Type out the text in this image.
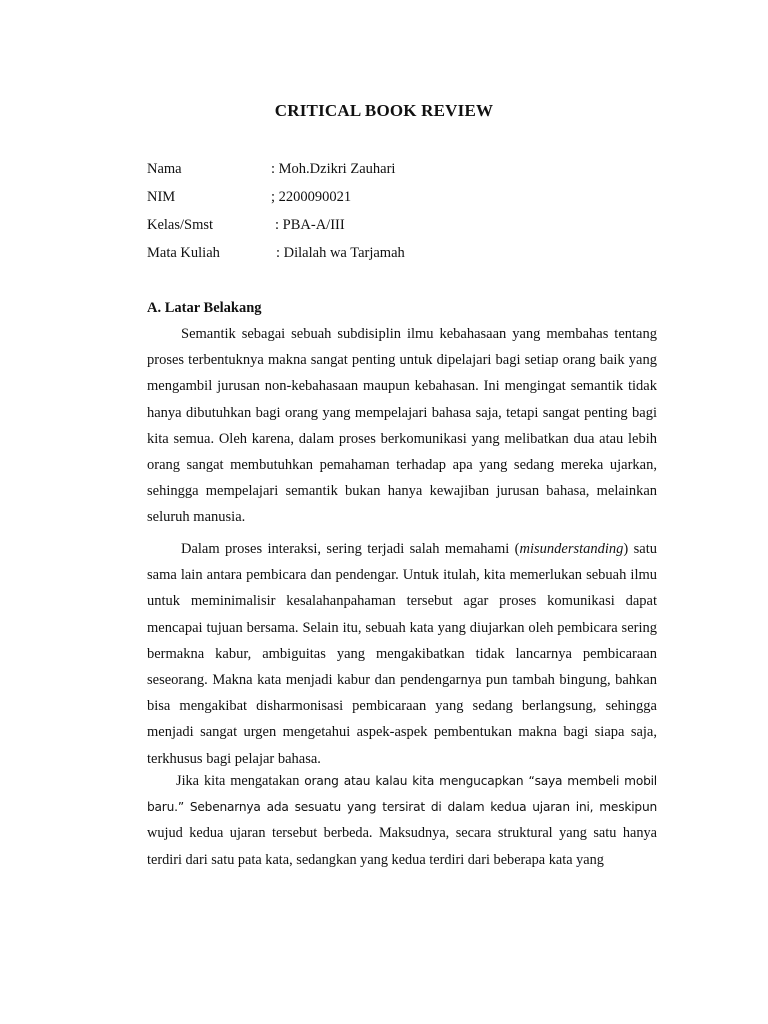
CRITICAL BOOK REVIEW
Nama	: Moh.Dzikri Zauhari
NIM	; 2200090021
Kelas/Smst	: PBA-A/III
Mata Kuliah	: Dilalah wa Tarjamah
A. Latar Belakang

Semantik sebagai sebuah subdisiplin ilmu kebahasaan yang membahas tentang proses terbentuknya makna sangat penting untuk dipelajari bagi setiap orang baik yang mengambil jurusan non-kebahasaan maupun kebahasan. Ini mengingat semantik tidak hanya dibutuhkan bagi orang yang mempelajari bahasa saja, tetapi sangat penting bagi kita semua. Oleh karena, dalam proses berkomunikasi yang melibatkan dua atau lebih orang sangat membutuhkan pemahaman terhadap apa yang sedang mereka ujarkan, sehingga mempelajari semantik bukan hanya kewajiban jurusan bahasa, melainkan seluruh manusia.

Dalam proses interaksi, sering terjadi salah memahami (misunderstanding) satu sama lain antara pembicara dan pendengar. Untuk itulah, kita memerlukan sebuah ilmu untuk meminimalisir kesalahanpahaman tersebut agar proses komunikasi dapat mencapai tujuan bersama. Selain itu, sebuah kata yang diujarkan oleh pembicara sering bermakna kabur, ambiguitas yang mengakibatkan tidak lancarnya pembicaraan seseorang. Makna kata menjadi kabur dan pendengarnya pun tambah bingung, bahkan bisa mengakibat disharmonisasi pembicaraan yang sedang berlangsung, sehingga menjadi sangat urgen mengetahui aspek-aspek pembentukan makna bagi siapa saja, terkhusus bagi pelajar bahasa.

Jika kita mengatakan orang atau kalau kita mengucapkan “saya membeli mobil baru.” Sebenarnya ada sesuatu yang tersirat di dalam kedua ujaran ini, meskipun wujud kedua ujaran tersebut berbeda. Maksudnya, secara struktural yang satu hanya terdiri dari satu pata kata, sedangkan yang kedua terdiri dari beberapa kata yang
